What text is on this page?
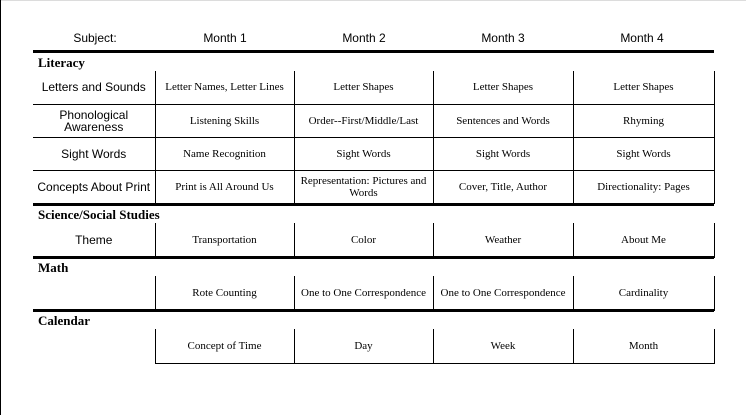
Subject:	Month 1	Month 2	Month 3	Month 4
Literacy
Letters and Sounds	Letter Names, Letter Lines	Letter Shapes	Letter Shapes	Letter Shapes
Phonological Awareness	Listening Skills	Order--First/Middle/Last	Sentences and Words	Rhyming
Sight Words	Name Recognition	Sight Words	Sight Words	Sight Words
Concepts About Print	Print is All Around Us	Representation: Pictures and Words	Cover, Title, Author	Directionality: Pages
Science/Social Studies
Theme	Transportation	Color	Weather	About Me
Math
	Rote Counting	One to One Correspondence	One to One Correspondence	Cardinality
Calendar
	Concept of Time	Day	Week	Month
